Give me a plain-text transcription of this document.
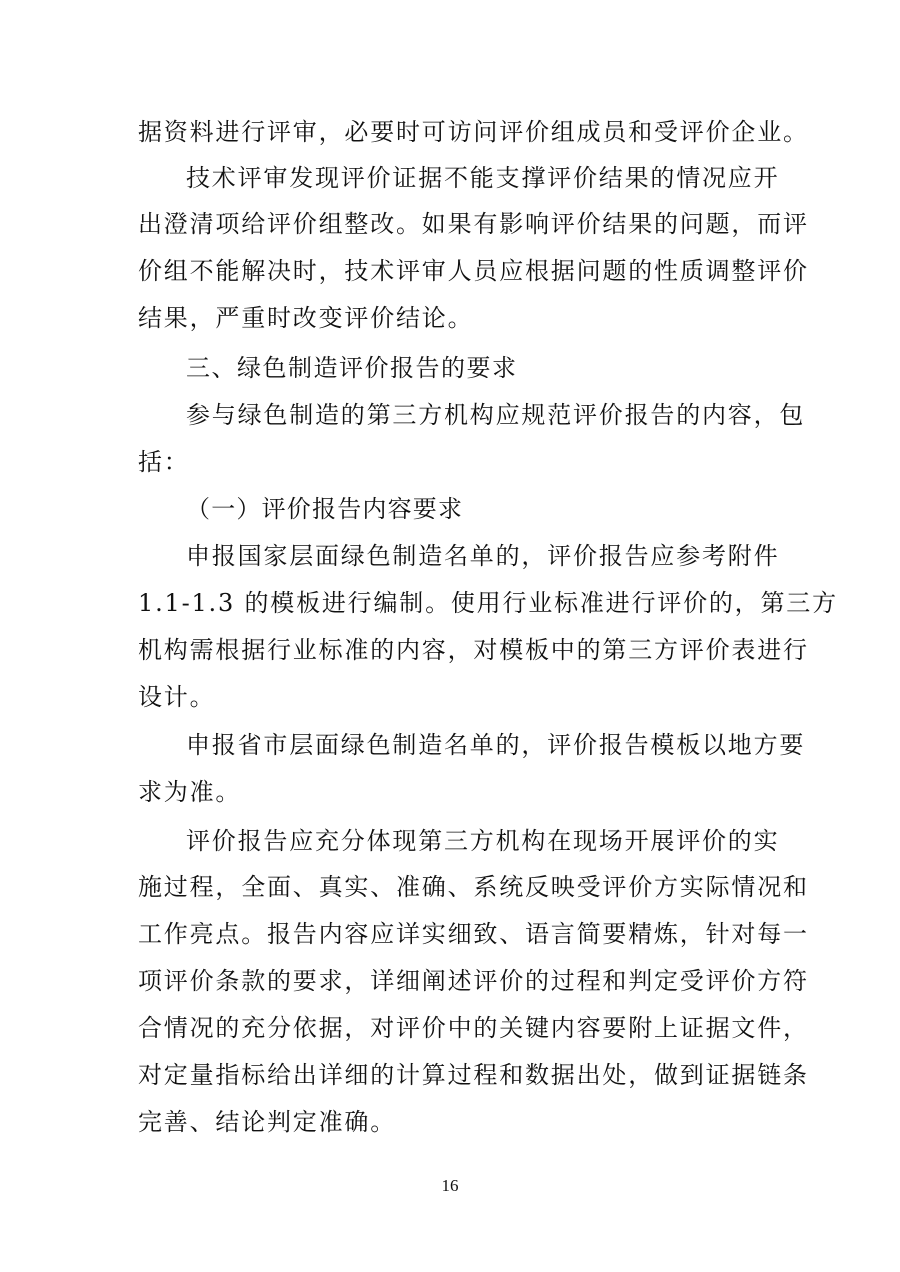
据资料进行评审，必要时可访问评价组成员和受评价企业。
技术评审发现评价证据不能支撑评价结果的情况应开
出澄清项给评价组整改。如果有影响评价结果的问题，而评
价组不能解决时，技术评审人员应根据问题的性质调整评价
结果，严重时改变评价结论。
三、绿色制造评价报告的要求
参与绿色制造的第三方机构应规范评价报告的内容，包
括：
（一）评价报告内容要求
申报国家层面绿色制造名单的，评价报告应参考附件
1.1-1.3 的模板进行编制。使用行业标准进行评价的，第三方
机构需根据行业标准的内容，对模板中的第三方评价表进行
设计。
申报省市层面绿色制造名单的，评价报告模板以地方要
求为准。
评价报告应充分体现第三方机构在现场开展评价的实
施过程，全面、真实、准确、系统反映受评价方实际情况和
工作亮点。报告内容应详实细致、语言简要精炼，针对每一
项评价条款的要求，详细阐述评价的过程和判定受评价方符
合情况的充分依据，对评价中的关键内容要附上证据文件，
对定量指标给出详细的计算过程和数据出处，做到证据链条
完善、结论判定准确。
16
